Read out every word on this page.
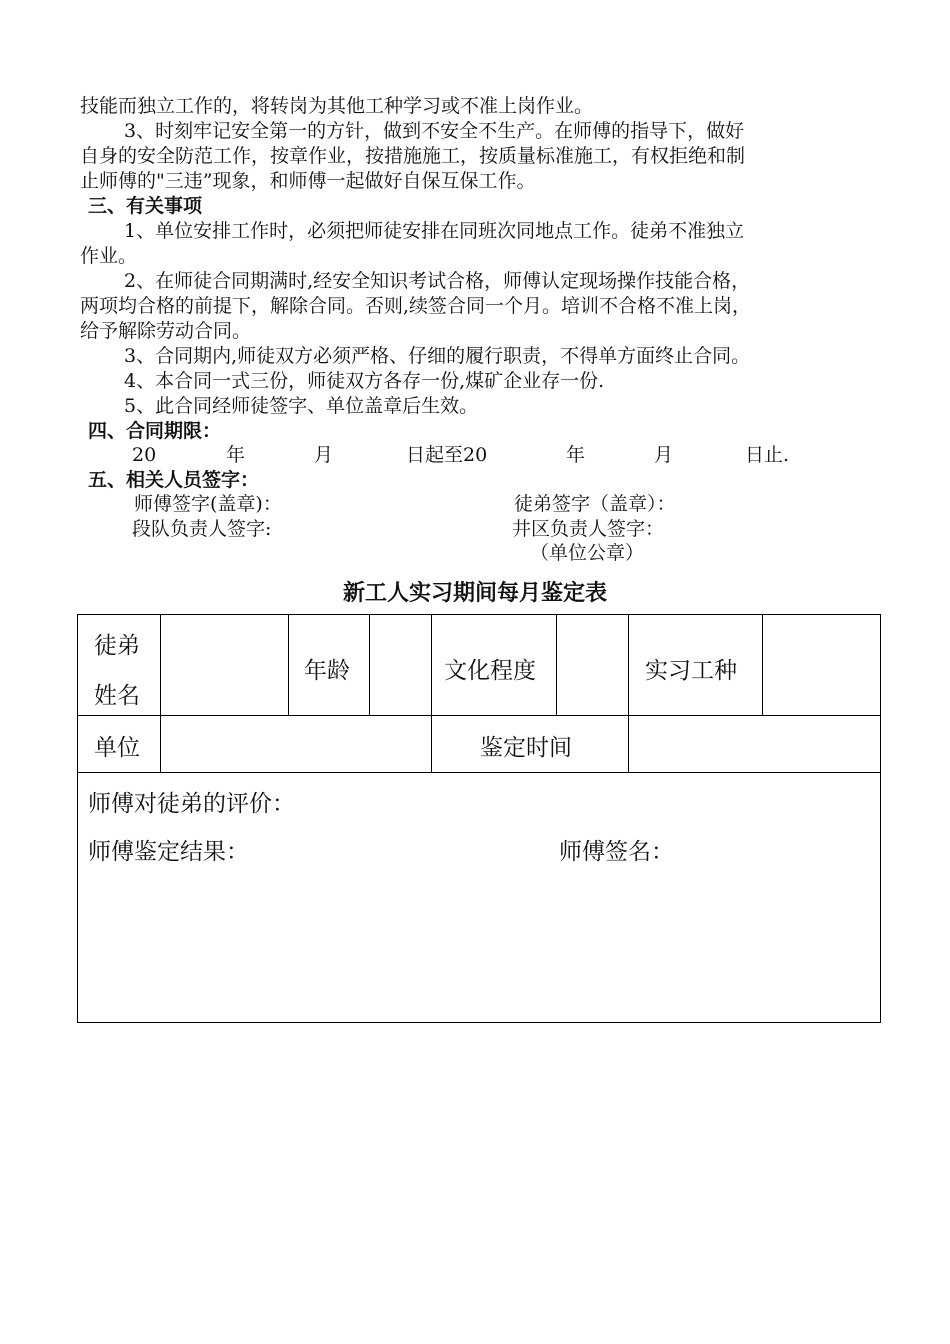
技能而独立工作的，将转岗为其他工种学习或不准上岗作业。
3、时刻牢记安全第一的方针，做到不安全不生产。在师傅的指导下，做好
自身的安全防范工作，按章作业，按措施施工，按质量标准施工，有权拒绝和制
止师傅的"三违”现象，和师傅一起做好自保互保工作。
三、有关事项
1、单位安排工作时，必须把师徒安排在同班次同地点工作。徒弟不准独立
作业。
2、在师徒合同期满时,经安全知识考试合格，师傅认定现场操作技能合格，
两项均合格的前提下，解除合同。否则,续签合同一个月。培训不合格不准上岗，
给予解除劳动合同。
3、合同期内,师徒双方必须严格、仔细的履行职责，不得单方面终止合同。
4、本合同一式三份，师徒双方各存一份,煤矿企业存一份.
5、此合同经师徒签字、单位盖章后生效。
四、合同期限：
20	年	月	日起至20	年	月	日止.
五、相关人员签字：
师傅签字(盖章)：	徒弟签字（盖章）：
段队负责人签字:	井区负责人签字：
（单位公章）
新工人实习期间每月鉴定表
徒弟
姓名
年龄	文化程度	实习工种
单位	鉴定时间
师傅对徒弟的评价：
师傅鉴定结果：	师傅签名：
